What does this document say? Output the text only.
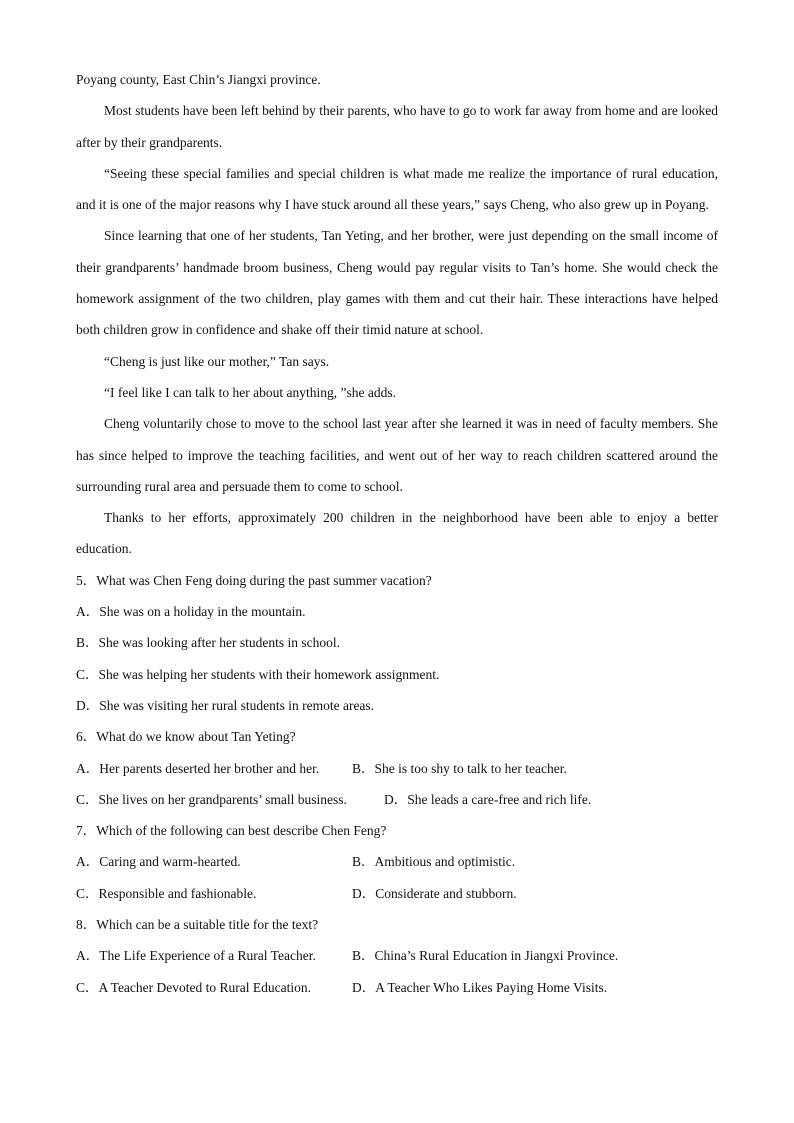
Poyang county, East Chin’s Jiangxi province.

Most students have been left behind by their parents, who have to go to work far away from home and are looked after by their grandparents.

“Seeing these special families and special children is what made me realize the importance of rural education, and it is one of the major reasons why I have stuck around all these years,” says Cheng, who also grew up in Poyang.

Since learning that one of her students, Tan Yeting, and her brother, were just depending on the small income of their grandparents’ handmade broom business, Cheng would pay regular visits to Tan’s home. She would check the homework assignment of the two children, play games with them and cut their hair. These interactions have helped both children grow in confidence and shake off their timid nature at school.

“Cheng is just like our mother,” Tan says.

“I feel like I can talk to her about anything, ”she adds.

Cheng voluntarily chose to move to the school last year after she learned it was in need of faculty members. She has since helped to improve the teaching facilities, and went out of her way to reach children scattered around the surrounding rural area and persuade them to come to school.

Thanks to her efforts, approximately 200 children in the neighborhood have been able to enjoy a better education.

5．What was Chen Feng doing during the past summer vacation?

A．She was on a holiday in the mountain.

B．She was looking after her students in school.

C．She was helping her students with their homework assignment.

D．She was visiting her rural students in remote areas.

6．What do we know about Tan Yeting?

A．Her parents deserted her brother and her.	B．She is too shy to talk to her teacher.
C．She lives on her grandparents’ small business.	D．She leads a care-free and rich life.

7．Which of the following can best describe Chen Feng?

A．Caring and warm-hearted.	B．Ambitious and optimistic.
C．Responsible and fashionable.	D．Considerate and stubborn.

8．Which can be a suitable title for the text?

A．The Life Experience of a Rural Teacher.	B．China’s Rural Education in Jiangxi Province.
C．A Teacher Devoted to Rural Education.	D．A Teacher Who Likes Paying Home Visits.
